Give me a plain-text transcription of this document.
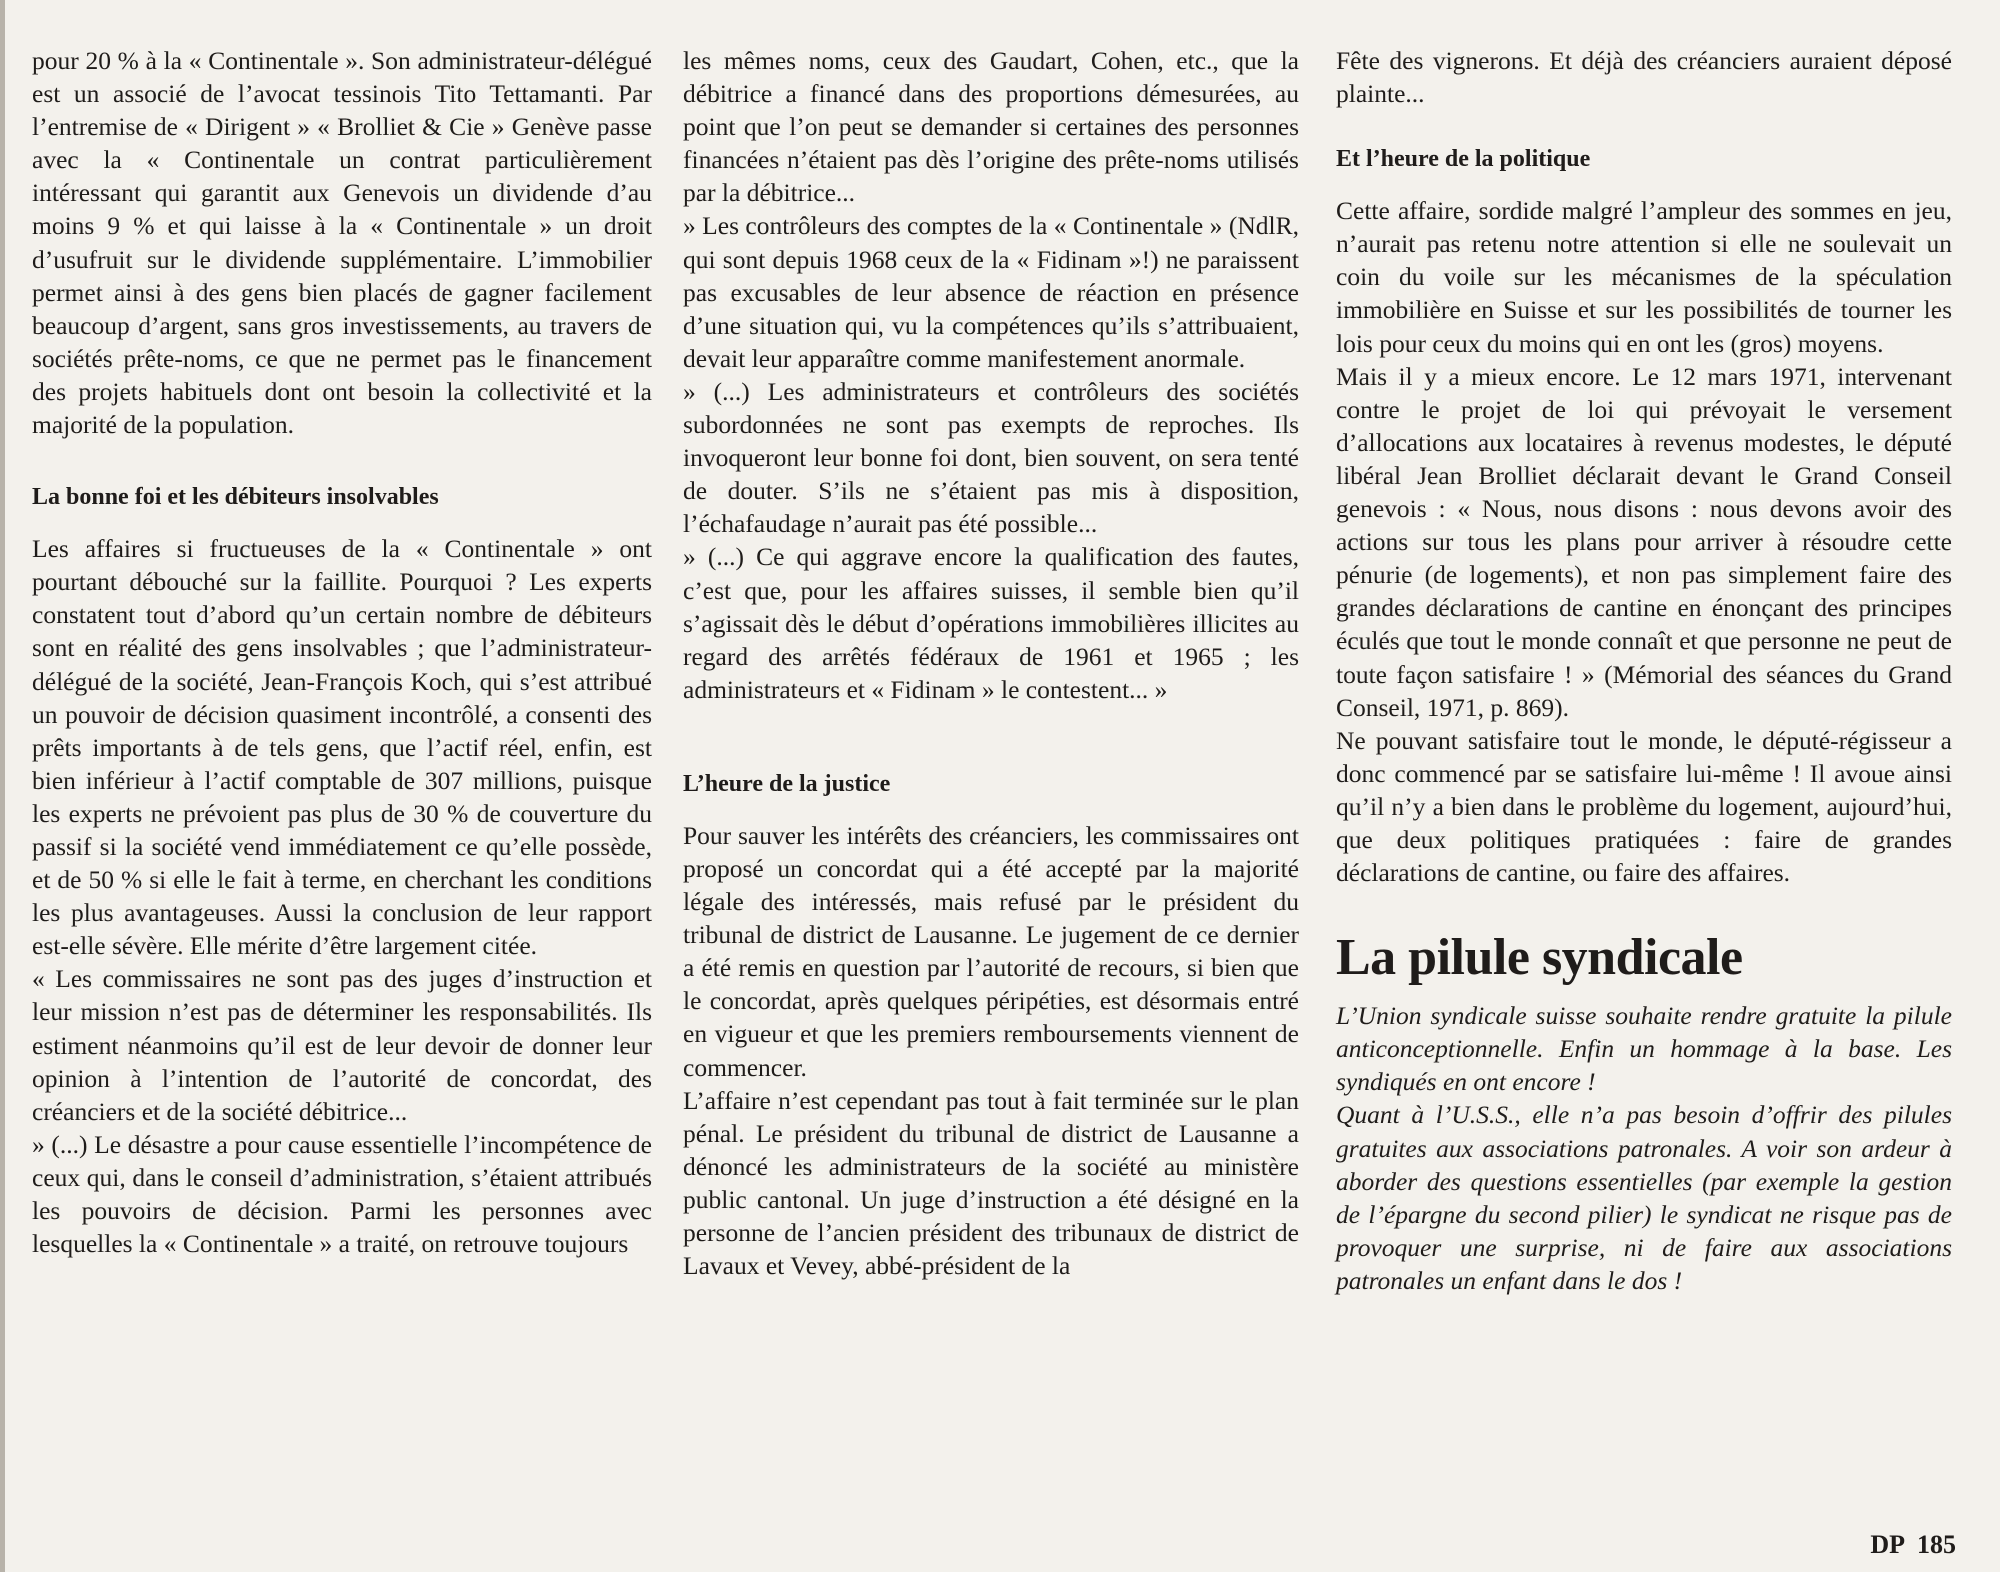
pour 20 % à la « Continentale ». Son administrateur-délégué est un associé de l’avocat tessinois Tito Tettamanti. Par l’entremise de « Dirigent » « Brolliet & Cie » Genève passe avec la « Continentale un contrat particulièrement intéressant qui garantit aux Genevois un dividende d’au moins 9 % et qui laisse à la « Continentale » un droit d’usufruit sur le dividende supplémentaire. L’immobilier permet ainsi à des gens bien placés de gagner facilement beaucoup d’argent, sans gros investissements, au travers de sociétés prête-noms, ce que ne permet pas le financement des projets habituels dont ont besoin la collectivité et la majorité de la population.

La bonne foi et les débiteurs insolvables

Les affaires si fructueuses de la « Continentale » ont pourtant débouché sur la faillite. Pourquoi ? Les experts constatent tout d’abord qu’un certain nombre de débiteurs sont en réalité des gens insolvables ; que l’administrateur-délégué de la société, Jean-François Koch, qui s’est attribué un pouvoir de décision quasiment incontrôlé, a consenti des prêts importants à de tels gens, que l’actif réel, enfin, est bien inférieur à l’actif comptable de 307 millions, puisque les experts ne prévoient pas plus de 30 % de couverture du passif si la société vend immédiatement ce qu’elle possède, et de 50 % si elle le fait à terme, en cherchant les conditions les plus avantageuses. Aussi la conclusion de leur rapport est-elle sévère. Elle mérite d’être largement citée.

« Les commissaires ne sont pas des juges d’instruction et leur mission n’est pas de déterminer les responsabilités. Ils estiment néanmoins qu’il est de leur devoir de donner leur opinion à l’intention de l’autorité de concordat, des créanciers et de la société débitrice...

» (...) Le désastre a pour cause essentielle l’incompétence de ceux qui, dans le conseil d’administration, s’étaient attribués les pouvoirs de décision. Parmi les personnes avec lesquelles la « Continentale » a traité, on retrouve toujours

les mêmes noms, ceux des Gaudart, Cohen, etc., que la débitrice a financé dans des proportions démesurées, au point que l’on peut se demander si certaines des personnes financées n’étaient pas dès l’origine des prête-noms utilisés par la débitrice...

» Les contrôleurs des comptes de la « Continentale » (NdlR, qui sont depuis 1968 ceux de la « Fidinam »!) ne paraissent pas excusables de leur absence de réaction en présence d’une situation qui, vu la compétences qu’ils s’attribuaient, devait leur apparaître comme manifestement anormale.

» (...) Les administrateurs et contrôleurs des sociétés subordonnées ne sont pas exempts de reproches. Ils invoqueront leur bonne foi dont, bien souvent, on sera tenté de douter. S’ils ne s’étaient pas mis à disposition, l’échafaudage n’aurait pas été possible...

» (...) Ce qui aggrave encore la qualification des fautes, c’est que, pour les affaires suisses, il semble bien qu’il s’agissait dès le début d’opérations immobilières illicites au regard des arrêtés fédéraux de 1961 et 1965 ; les administrateurs et « Fidinam » le contestent... »

L’heure de la justice

Pour sauver les intérêts des créanciers, les commissaires ont proposé un concordat qui a été accepté par la majorité légale des intéressés, mais refusé par le président du tribunal de district de Lausanne. Le jugement de ce dernier a été remis en question par l’autorité de recours, si bien que le concordat, après quelques péripéties, est désormais entré en vigueur et que les premiers remboursements viennent de commencer.

L’affaire n’est cependant pas tout à fait terminée sur le plan pénal. Le président du tribunal de district de Lausanne a dénoncé les administrateurs de la société au ministère public cantonal. Un juge d’instruction a été désigné en la personne de l’ancien président des tribunaux de district de Lavaux et Vevey, abbé-président de la

Fête des vignerons. Et déjà des créanciers auraient déposé plainte...

Et l’heure de la politique

Cette affaire, sordide malgré l’ampleur des sommes en jeu, n’aurait pas retenu notre attention si elle ne soulevait un coin du voile sur les mécanismes de la spéculation immobilière en Suisse et sur les possibilités de tourner les lois pour ceux du moins qui en ont les (gros) moyens.

Mais il y a mieux encore. Le 12 mars 1971, intervenant contre le projet de loi qui prévoyait le versement d’allocations aux locataires à revenus modestes, le député libéral Jean Brolliet déclarait devant le Grand Conseil genevois : « Nous, nous disons : nous devons avoir des actions sur tous les plans pour arriver à résoudre cette pénurie (de logements), et non pas simplement faire des grandes déclarations de cantine en énonçant des principes éculés que tout le monde connaît et que personne ne peut de toute façon satisfaire ! » (Mémorial des séances du Grand Conseil, 1971, p. 869).

Ne pouvant satisfaire tout le monde, le député-régisseur a donc commencé par se satisfaire lui-même ! Il avoue ainsi qu’il n’y a bien dans le problème du logement, aujourd’hui, que deux politiques pratiquées : faire de grandes déclarations de cantine, ou faire des affaires.

La pilule syndicale

L’Union syndicale suisse souhaite rendre gratuite la pilule anticonceptionnelle. Enfin un hommage à la base. Les syndiqués en ont encore !

Quant à l’U.S.S., elle n’a pas besoin d’offrir des pilules gratuites aux associations patronales. A voir son ardeur à aborder des questions essentielles (par exemple la gestion de l’épargne du second pilier) le syndicat ne risque pas de provoquer une surprise, ni de faire aux associations patronales un enfant dans le dos !

DP 185
